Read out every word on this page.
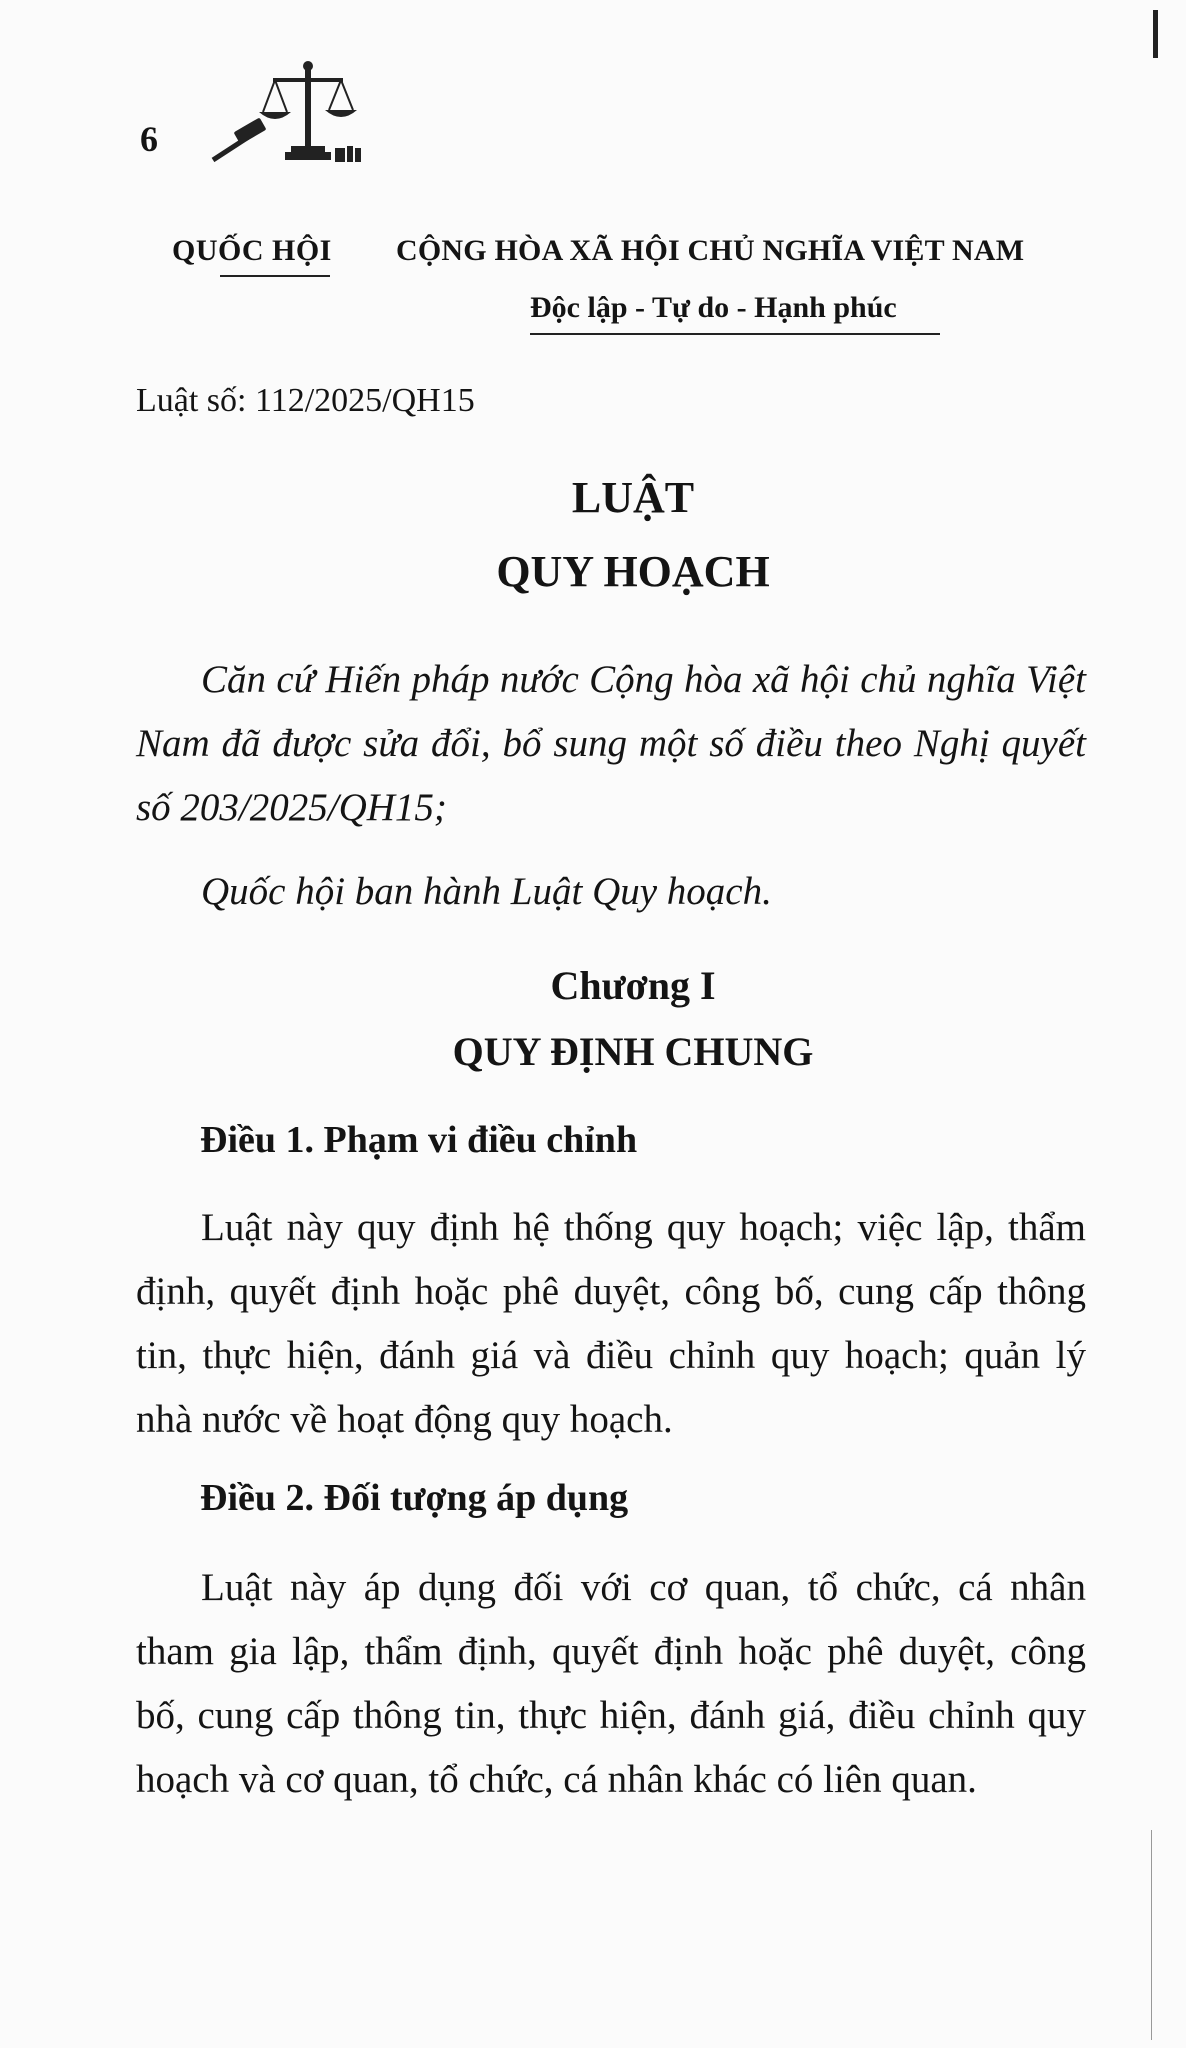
6
QUỐC HỘI CỘNG HÒA XÃ HỘI CHỦ NGHĨA VIỆT NAM
Độc lập - Tự do - Hạnh phúc
Luật số: 112/2025/QH15
LUẬT
QUY HOẠCH
Căn cứ Hiến pháp nước Cộng hòa xã hội chủ nghĩa Việt Nam đã được sửa đổi, bổ sung một số điều theo Nghị quyết số 203/2025/QH15;
Quốc hội ban hành Luật Quy hoạch.
Chương I
QUY ĐỊNH CHUNG
Điều 1. Phạm vi điều chỉnh
Luật này quy định hệ thống quy hoạch; việc lập, thẩm định, quyết định hoặc phê duyệt, công bố, cung cấp thông tin, thực hiện, đánh giá và điều chỉnh quy hoạch; quản lý nhà nước về hoạt động quy hoạch.
Điều 2. Đối tượng áp dụng
Luật này áp dụng đối với cơ quan, tổ chức, cá nhân tham gia lập, thẩm định, quyết định hoặc phê duyệt, công bố, cung cấp thông tin, thực hiện, đánh giá, điều chỉnh quy hoạch và cơ quan, tổ chức, cá nhân khác có liên quan.
